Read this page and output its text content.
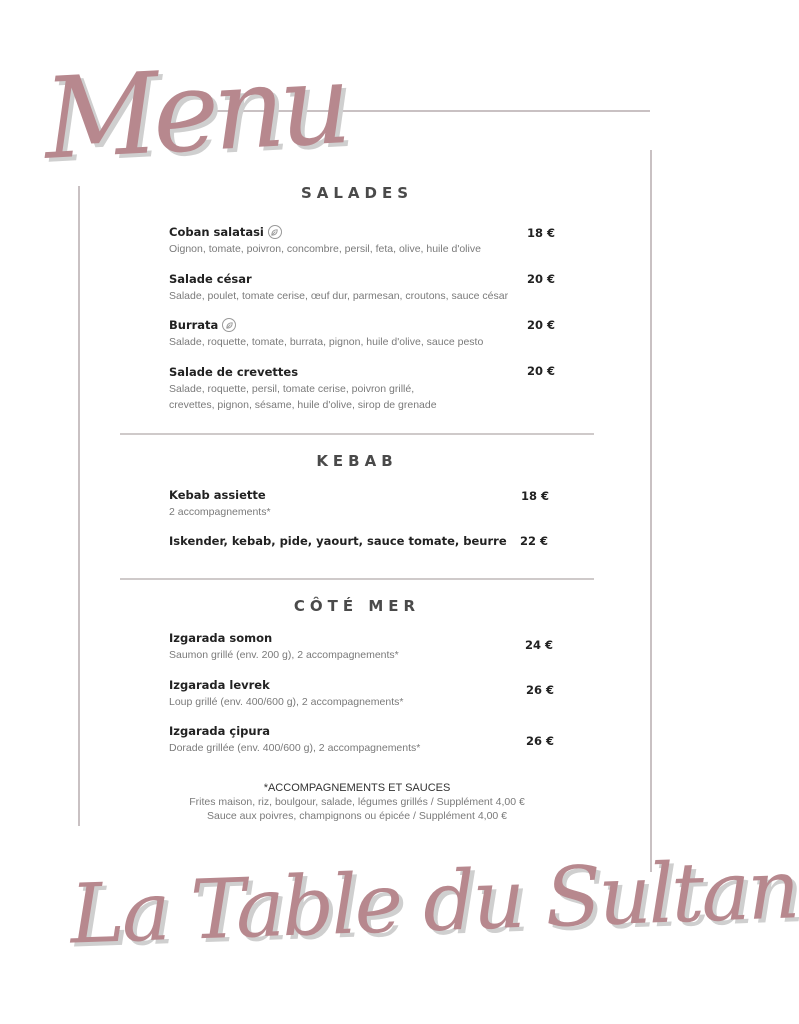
Menu
SALADES
Coban salatasi
Oignon, tomate, poivron, concombre, persil, feta, olive, huile d'olive
18 €
Salade césar
Salade, poulet, tomate cerise, œuf dur, parmesan, croutons, sauce césar
20 €
Burrata
Salade, roquette, tomate, burrata, pignon, huile d'olive, sauce pesto
20 €
Salade de crevettes
Salade, roquette, persil, tomate cerise, poivron grillé,
crevettes, pignon, sésame, huile d'olive, sirop de grenade
20 €
KEBAB
Kebab assiette
2 accompagnements*
18 €
Iskender, kebab, pide, yaourt, sauce tomate, beurre	22 €
CÔTÉ MER
Izgarada somon
Saumon grillé (env. 200 g), 2 accompagnements*
24 €
Izgarada levrek
Loup grillé (env. 400/600 g), 2 accompagnements*
26 €
Izgarada çipura
Dorade grillée (env. 400/600 g), 2 accompagnements*	26 €
*ACCOMPAGNEMENTS ET SAUCES
Frites maison, riz, boulgour, salade, légumes grillés / Supplément 4,00 €
Sauce aux poivres, champignons ou épicée / Supplément 4,00 €
La Table du Sultan
